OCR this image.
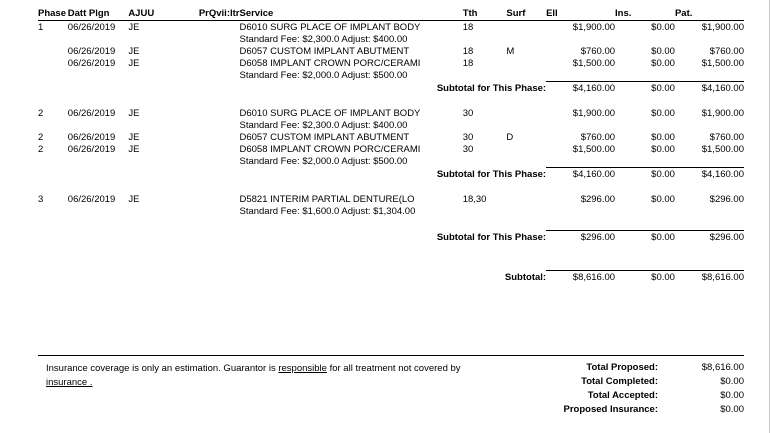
Phase	Datt Plgn	AJUU PrQvii:ltr	Service	Tth	Surf	Ell	Ins.	Pat.
1	06/26/2019	JE	D6010 SURG PLACE OF IMPLANT BODY	18		$1,900.00	$0.00	$1,900.00
			Standard Fee: $2,300.0 Adjust: $400.00					
	06/26/2019	JE	D6057 CUSTOM IMPLANT ABUTMENT	18	M	$760.00	$0.00	$760.00
	06/26/2019	JE	D6058 IMPLANT CROWN PORC/CERAMI	18		$1,500.00	$0.00	$1,500.00
			Standard Fee: $2,000.0 Adjust: $500.00					
Subtotal for This Phase:						$4,160.00	$0.00	$4,160.00

2	06/26/2019	JE	D6010 SURG PLACE OF IMPLANT BODY	30		$1,900.00	$0.00	$1,900.00
			Standard Fee: $2,300.0 Adjust: $400.00					
2	06/26/2019	JE	D6057 CUSTOM IMPLANT ABUTMENT	30	D	$760.00	$0.00	$760.00
2	06/26/2019	JE	D6058 IMPLANT CROWN PORC/CERAMI	30		$1,500.00	$0.00	$1,500.00
			Standard Fee: $2,000.0 Adjust: $500.00					
Subtotal for This Phase:						$4,160.00	$0.00	$4,160.00

3	06/26/2019	JE	D5821 INTERIM PARTIAL DENTURE(LO	18,30		$296.00	$0.00	$296.00
			Standard Fee: $1,600.0 Adjust: $1,304.00					

Subtotal for This Phase:						$296.00	$0.00	$296.00

Subtotal:						$8,616.00	$0.00	$8,616.00
Insurance coverage is only an estimation. Guarantor is responsible for all treatment not covered by
insurance .
Total Proposed:	$8,616.00
Total Completed:	$0.00
Total Accepted:	$0.00
Proposed Insurance:	$0.00
